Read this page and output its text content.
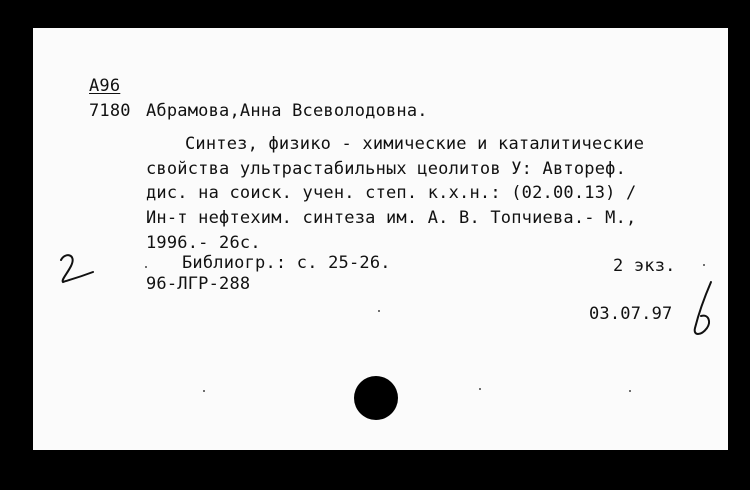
А96
7180 Абрамова,Анна Всеволодовна.
Синтез, физико - химические и каталитические
свойства ультрастабильных цеолитов У: Автореф.
дис. на соиск. учен. степ. к.х.н.: (02.00.13) /
Ин-т нефтехим. синтеза им. А. В. Топчиева.- М.,
1996.- 26с.
Библиогр.: с. 25-26.	2 экз.
96-ЛГР-288
03.07.97
